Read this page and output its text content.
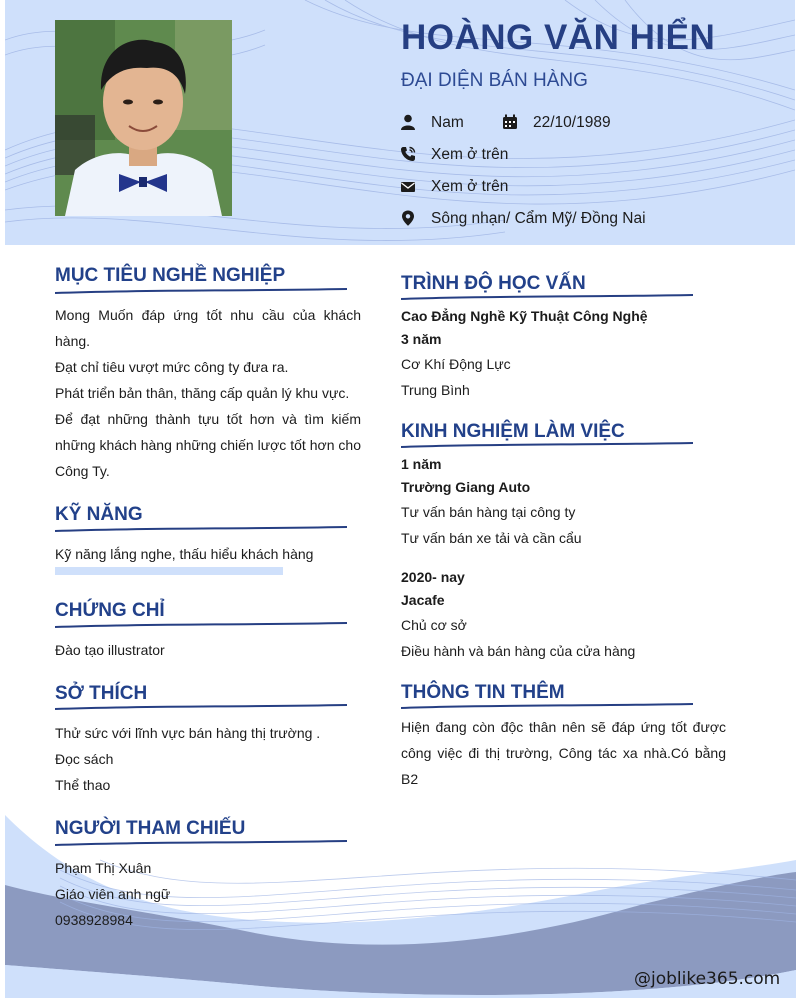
HOÀNG VĂN HIỂN
ĐẠI DIỆN BÁN HÀNG
Nam	22/10/1989
Xem ở trên
Xem ở trên
Sông nhạn/ Cẩm Mỹ/ Đồng Nai
MỤC TIÊU NGHỀ NGHIỆP
Mong Muốn đáp ứng tốt nhu cầu của khách hàng.
Đạt chỉ tiêu vượt mức công ty đưa ra.
Phát triển bản thân, thăng cấp quản lý khu vực.
Để đạt những thành tựu tốt hơn và tìm kiếm những khách hàng những chiến lược tốt hơn cho Công Ty.
KỸ NĂNG
Kỹ năng lắng nghe, thấu hiểu khách hàng
CHỨNG CHỈ
Đào tạo illustrator
SỞ THÍCH
Thử sức với lĩnh vực bán hàng thị trường .
Đọc sách
Thể thao
NGƯỜI THAM CHIẾU
Phạm Thị Xuân
Giáo viên anh ngữ
0938928984
TRÌNH ĐỘ HỌC VẤN
Cao Đẳng Nghề Kỹ Thuật Công Nghệ
3 năm
Cơ Khí Động Lực
Trung Bình
KINH NGHIỆM LÀM VIỆC
1 năm
Trường Giang Auto
Tư vấn bán hàng tại công ty
Tư vấn bán xe tải và cần cẩu
2020- nay
Jacafe
Chủ cơ sở
Điều hành và bán hàng của cửa hàng
THÔNG TIN THÊM
Hiện đang còn độc thân nên sẽ đáp ứng tốt được công việc đi thị trường, Công tác xa nhà.Có bằng B2
@joblike365.com
